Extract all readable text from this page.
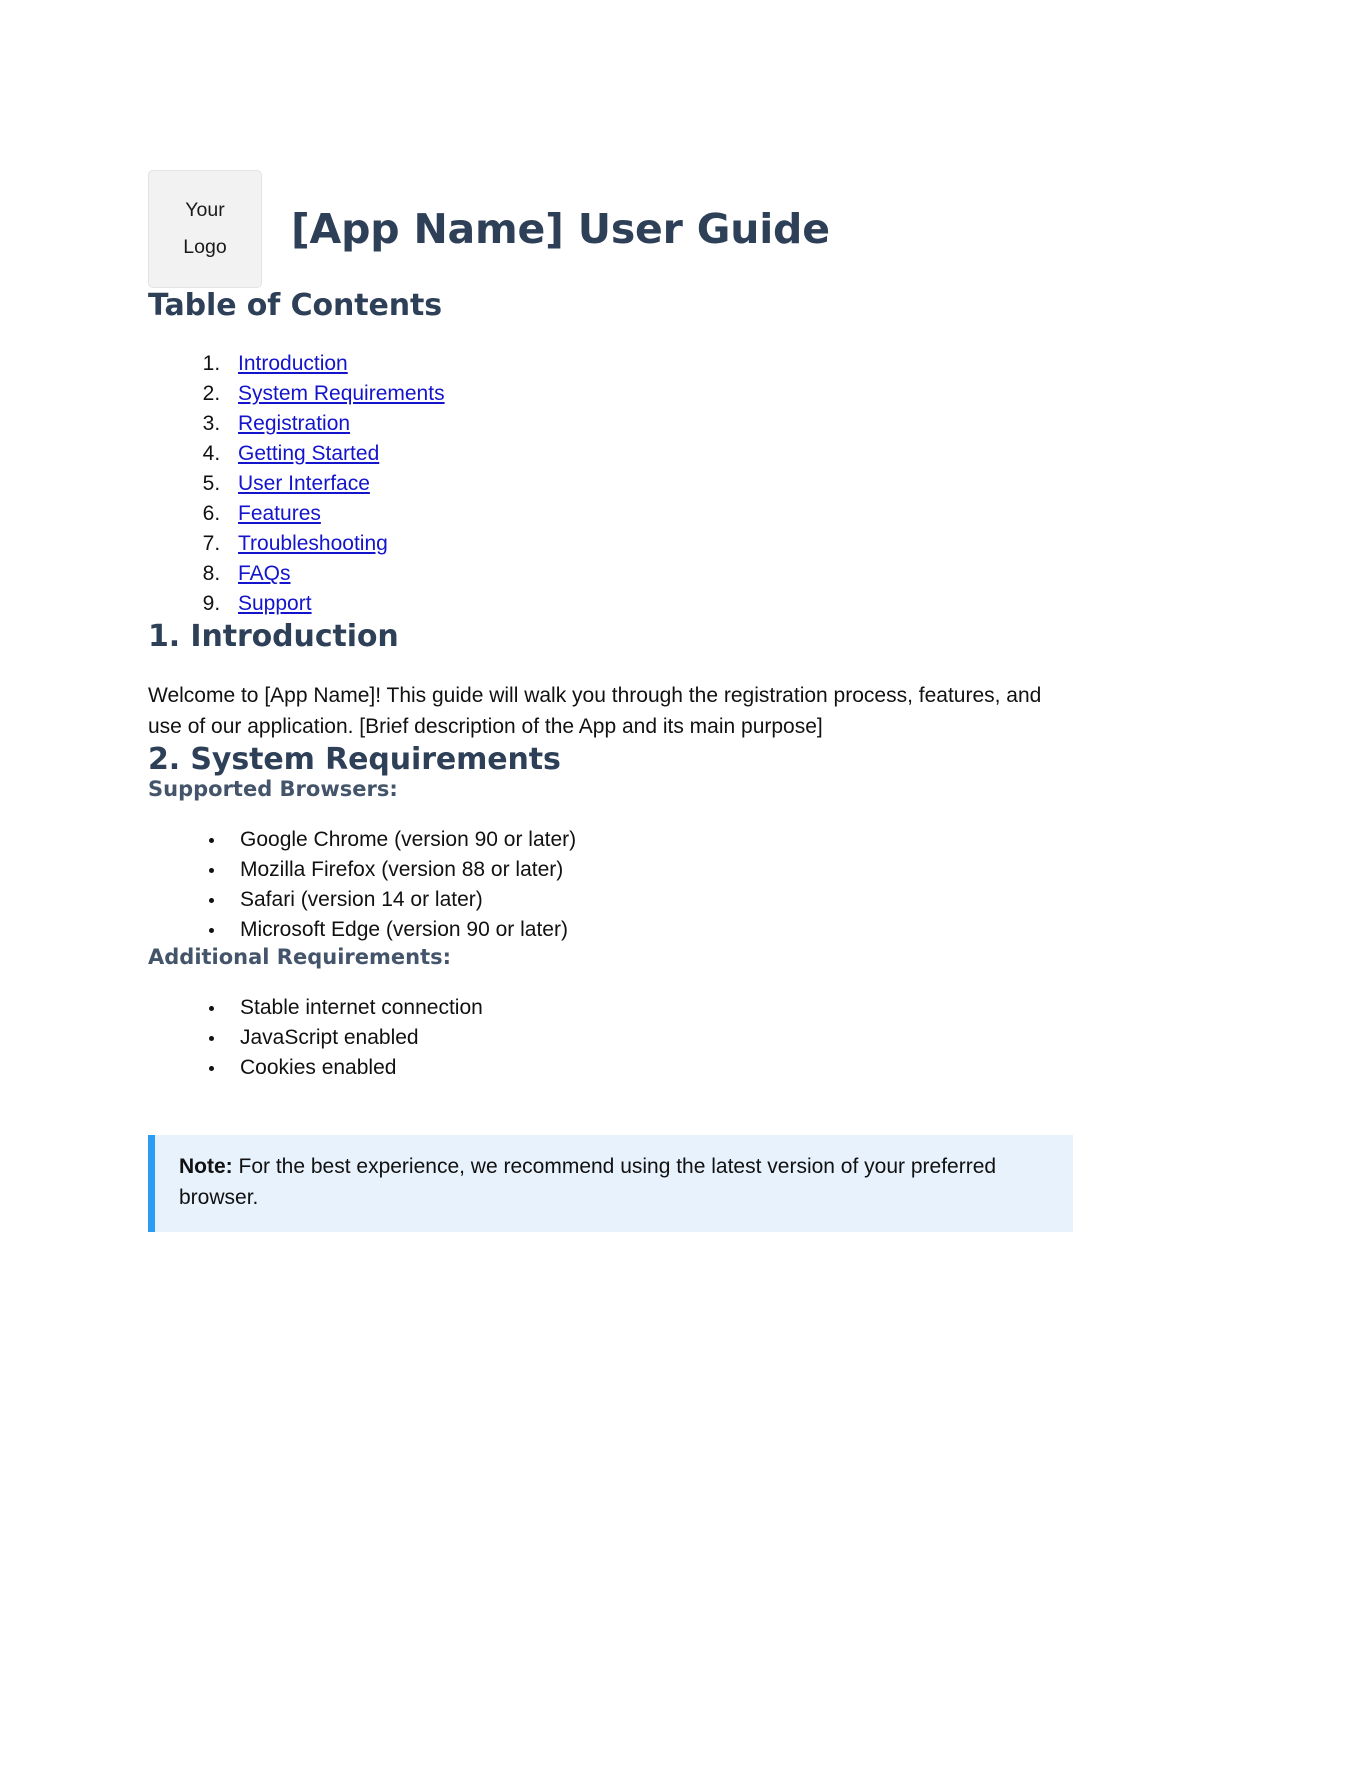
Your
Logo [App Name] User Guide
Table of Contents
1. Introduction
2. System Requirements
3. Registration
4. Getting Started
5. User Interface
6. Features
7. Troubleshooting
8. FAQs
9. Support
1. Introduction

Welcome to [App Name]! This guide will walk you through the registration process, features, and use of our application. [Brief description of the App and its main purpose]

2. System Requirements
Supported Browsers:
• Google Chrome (version 90 or later)
• Mozilla Firefox (version 88 or later)
• Safari (version 14 or later)
• Microsoft Edge (version 90 or later)
Additional Requirements:
• Stable internet connection
• JavaScript enabled
• Cookies enabled
Note: For the best experience, we recommend using the latest version of your preferred browser.
